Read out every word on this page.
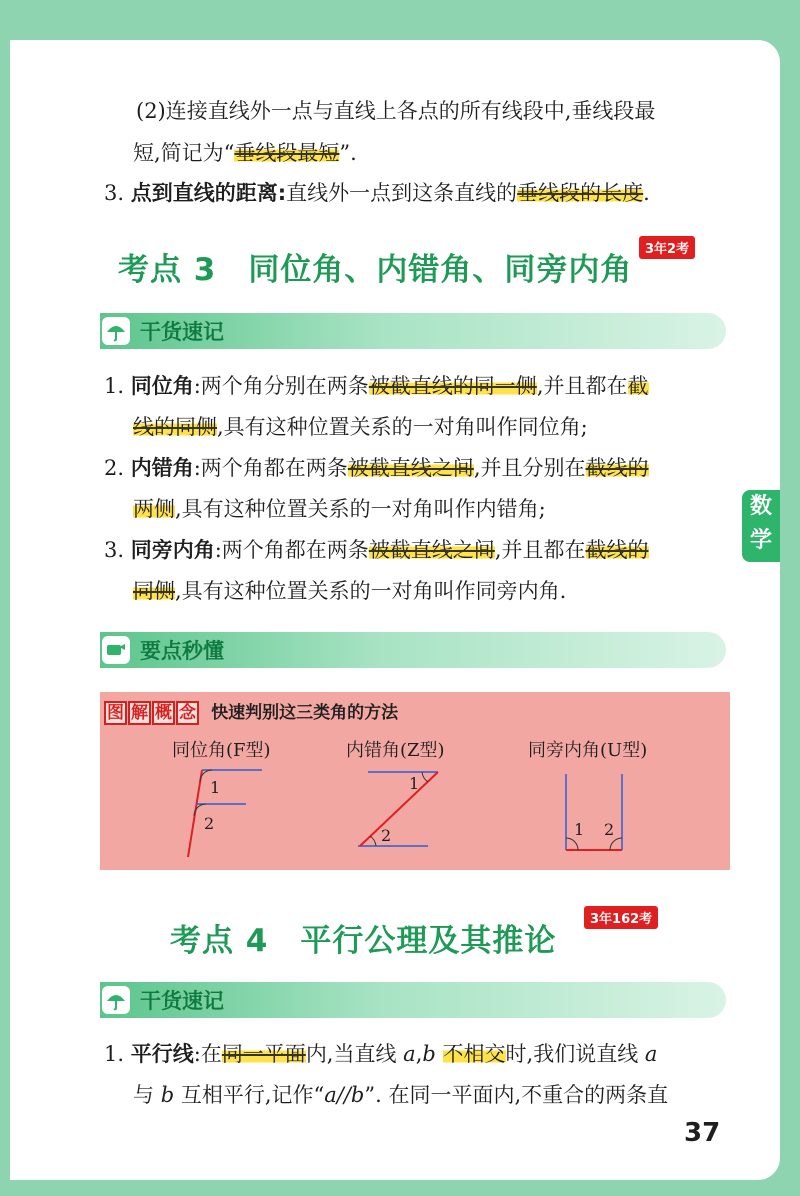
(2)连接直线外一点与直线上各点的所有线段中,垂线段最
短,简记为“垂线段最短”.
3. 点到直线的距离:直线外一点到这条直线的垂线段的长度.
考点 3　同位角、内错角、同旁内角
3年2考
干货速记
1. 同位角:两个角分别在两条被截直线的同一侧,并且都在截
线的同侧,具有这种位置关系的一对角叫作同位角;
2. 内错角:两个角都在两条被截直线之间,并且分别在截线的
两侧,具有这种位置关系的一对角叫作内错角;
3. 同旁内角:两个角都在两条被截直线之间,并且都在截线的
同侧,具有这种位置关系的一对角叫作同旁内角.
要点秒懂
图 解 概 念 快速判别这三类角的方法
同位角(F型)	内错角(Z型)	同旁内角(U型)
1
2
1
2	1 2
考点 4　平行公理及其推论
3年162考
干货速记
1. 平行线:在同一平面内,当直线 a,b 不相交时,我们说直线 a
与 b 互相平行,记作“a//b”. 在同一平面内,不重合的两条直
数
学
37
